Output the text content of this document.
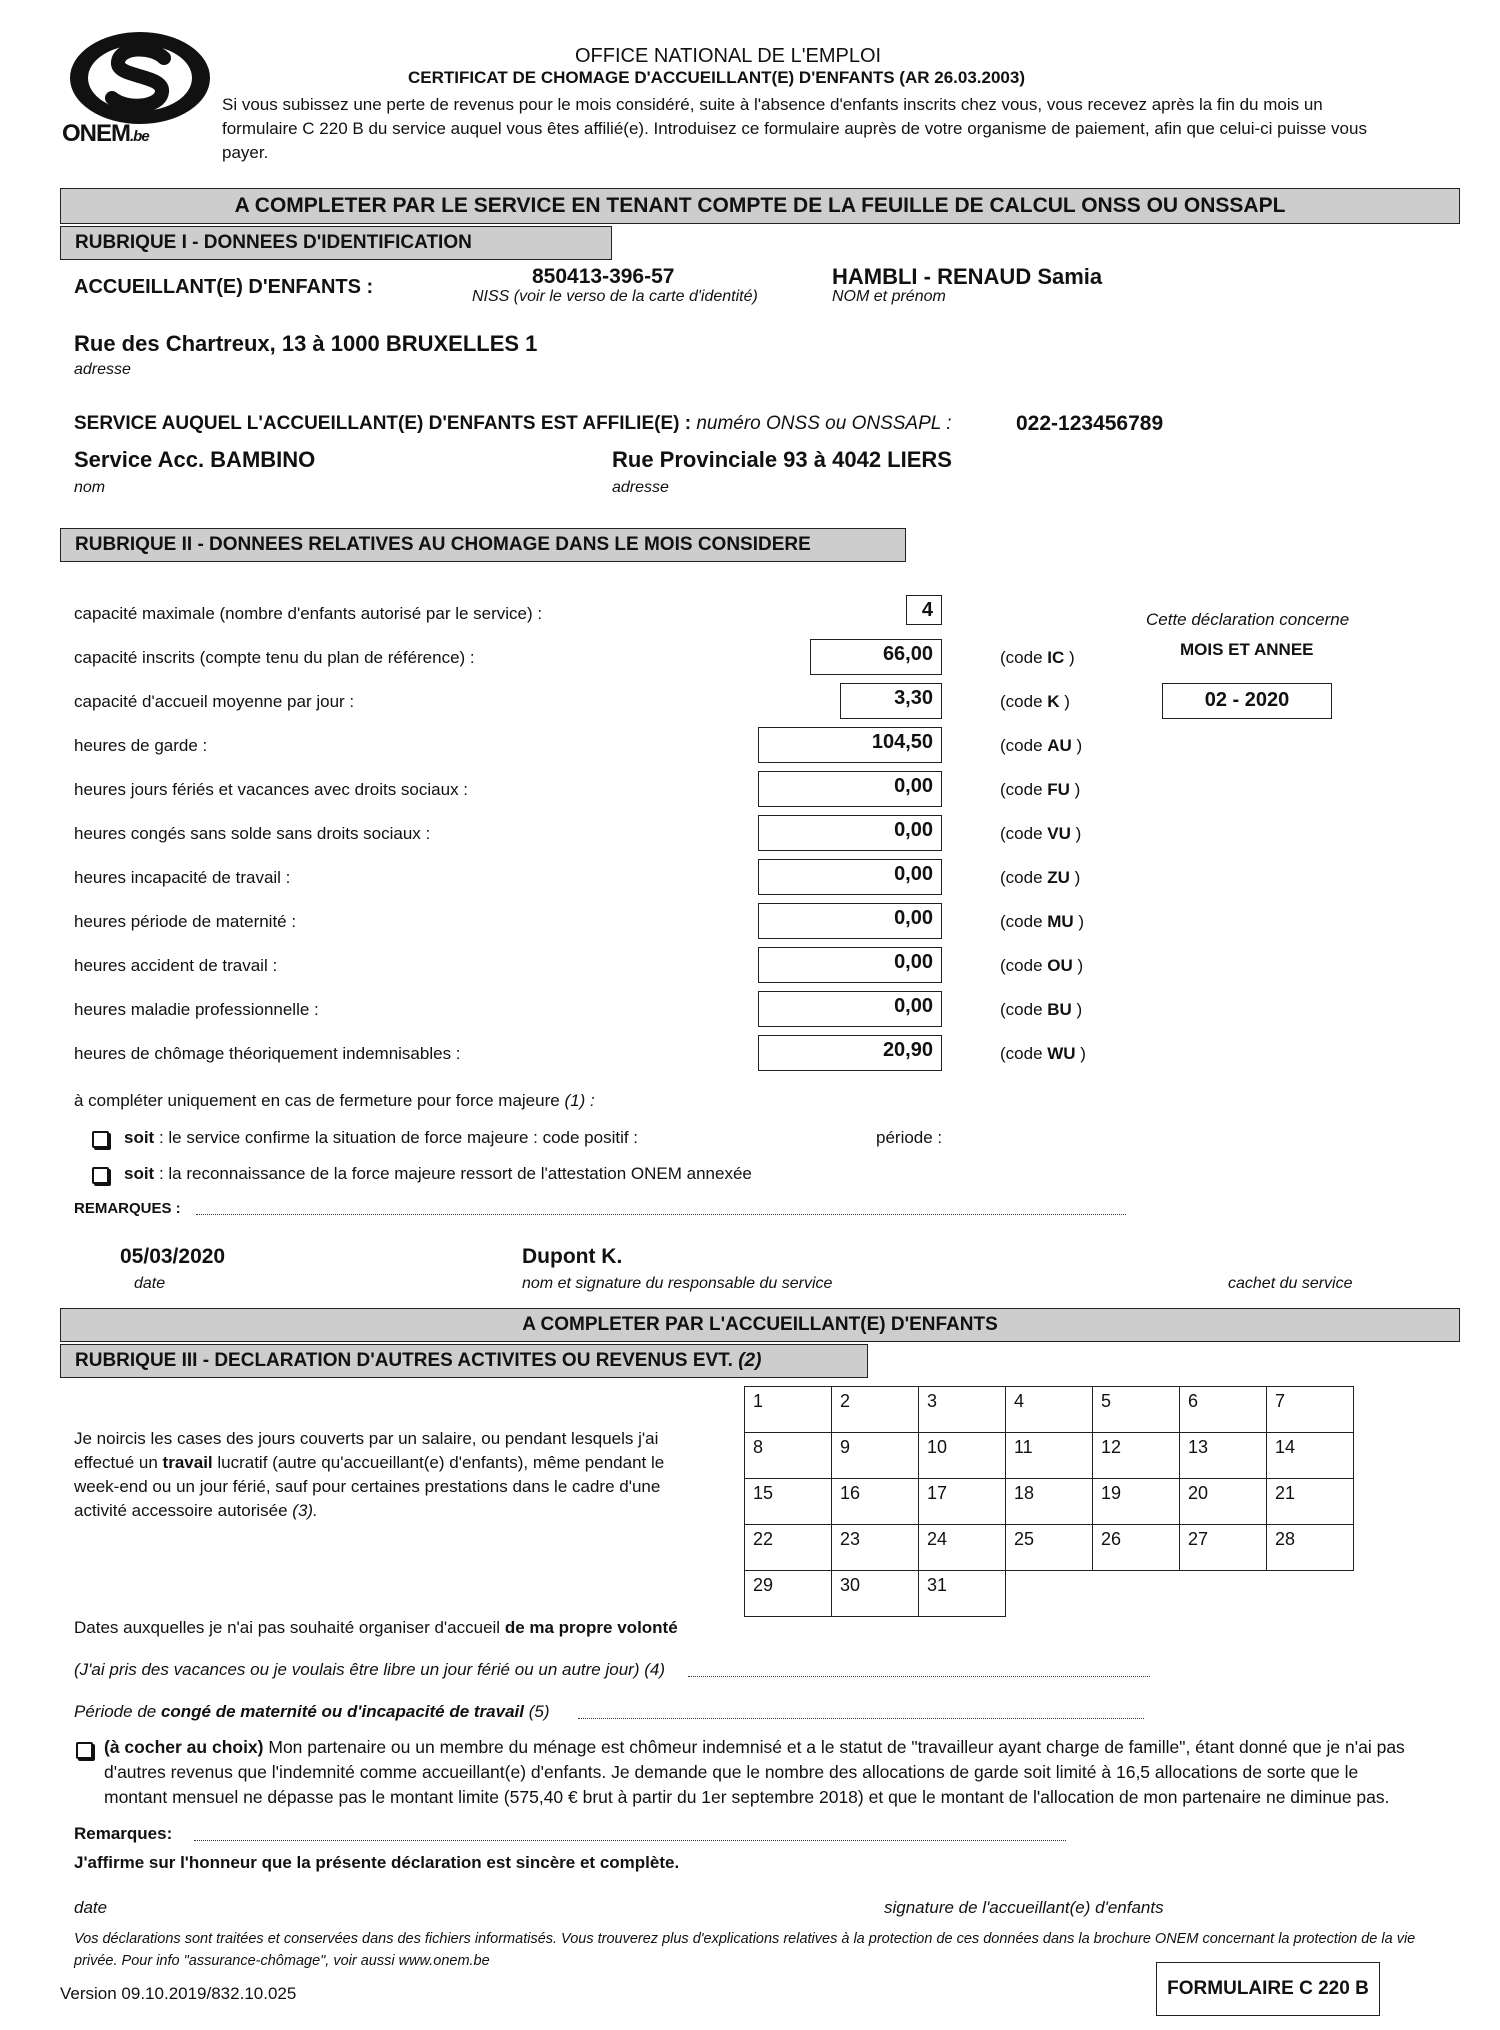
ONEM.be
OFFICE NATIONAL DE L'EMPLOI
CERTIFICAT DE CHOMAGE D'ACCUEILLANT(E) D'ENFANTS (AR 26.03.2003)
Si vous subissez une perte de revenus pour le mois considéré, suite à l'absence d'enfants inscrits chez vous, vous recevez après la fin du mois un formulaire C 220 B du service auquel vous êtes affilié(e). Introduisez ce formulaire auprès de votre organisme de paiement, afin que celui-ci puisse vous payer.
A COMPLETER PAR LE SERVICE EN TENANT COMPTE DE LA FEUILLE DE CALCUL ONSS OU ONSSAPL
RUBRIQUE I - DONNEES D'IDENTIFICATION
ACCUEILLANT(E) D'ENFANTS :	850413-396-57
NISS (voir le verso de la carte d'identité)
HAMBLI - RENAUD Samia
NOM et prénom
Rue des Chartreux, 13 à 1000 BRUXELLES 1
adresse
SERVICE AUQUEL L'ACCUEILLANT(E) D'ENFANTS EST AFFILIE(E) : numéro ONSS ou ONSSAPL :	022-123456789
Service Acc. BAMBINO
nom
Rue Provinciale 93 à 4042 LIERS
adresse
RUBRIQUE II - DONNEES RELATIVES AU CHOMAGE DANS LE MOIS CONSIDERE
capacité maximale (nombre d'enfants autorisé par le service) :	4
capacité inscrits (compte tenu du plan de référence) :	66,00	(code IC )
capacité d'accueil moyenne par jour :	3,30	(code K )
heures de garde :	104,50	(code AU )
heures jours fériés et vacances avec droits sociaux :	0,00	(code FU )
heures congés sans solde sans droits sociaux :	0,00	(code VU )
heures incapacité de travail :	0,00	(code ZU )
heures période de maternité :	0,00	(code MU )
heures accident de travail :	0,00	(code OU )
heures maladie professionnelle :	0,00	(code BU )
heures de chômage théoriquement indemnisables :	20,90	(code WU )
Cette déclaration concerne
MOIS ET ANNEE
02 - 2020
à compléter uniquement en cas de fermeture pour force majeure (1) :
soit : le service confirme la situation de force majeure : code positif :	période :
soit : la reconnaissance de la force majeure ressort de l'attestation ONEM annexée
REMARQUES :
05/03/2020
date
Dupont K.
nom et signature du responsable du service	cachet du service
A COMPLETER PAR L'ACCUEILLANT(E) D'ENFANTS
RUBRIQUE III - DECLARATION D'AUTRES ACTIVITES OU REVENUS EVT.
(2)
Je noircis les cases des jours couverts par un salaire, ou pendant lesquels j'ai effectué un travail lucratif (autre qu'accueillant(e) d'enfants), même pendant le week-end ou un jour férié, sauf pour certaines prestations dans le cadre d'une activité accessoire autorisée (3).
1	2	3	4	5	6	7
8	9	10	11	12	13	14
15	16	17	18	19	20	21
22	23	24	25	26	27	28
29	30	31				
Dates auxquelles je n'ai pas souhaité organiser d'accueil de ma propre volonté
(J'ai pris des vacances ou je voulais être libre un jour férié ou un autre jour) (4)
Période de congé de maternité ou d'incapacité de travail (5)
(à cocher au choix) Mon partenaire ou un membre du ménage est chômeur indemnisé et a le statut de "travailleur ayant charge de famille", étant donné que je n'ai pas d'autres revenus que l'indemnité comme accueillant(e) d'enfants. Je demande que le nombre des allocations de garde soit limité à 16,5 allocations de sorte que le montant mensuel ne dépasse pas le montant limite (575,40 € brut à partir du 1er septembre 2018) et que le montant de l'allocation de mon partenaire ne diminue pas.
Remarques:
J'affirme sur l'honneur que la présente déclaration est sincère et complète.
date	signature de l'accueillant(e) d'enfants
Vos déclarations sont traitées et conservées dans des fichiers informatisés. Vous trouverez plus d'explications relatives à la protection de ces données dans la brochure ONEM concernant la protection de la vie privée. Pour info "assurance-chômage", voir aussi www.onem.be
Version 09.10.2019/832.10.025	FORMULAIRE C 220 B
